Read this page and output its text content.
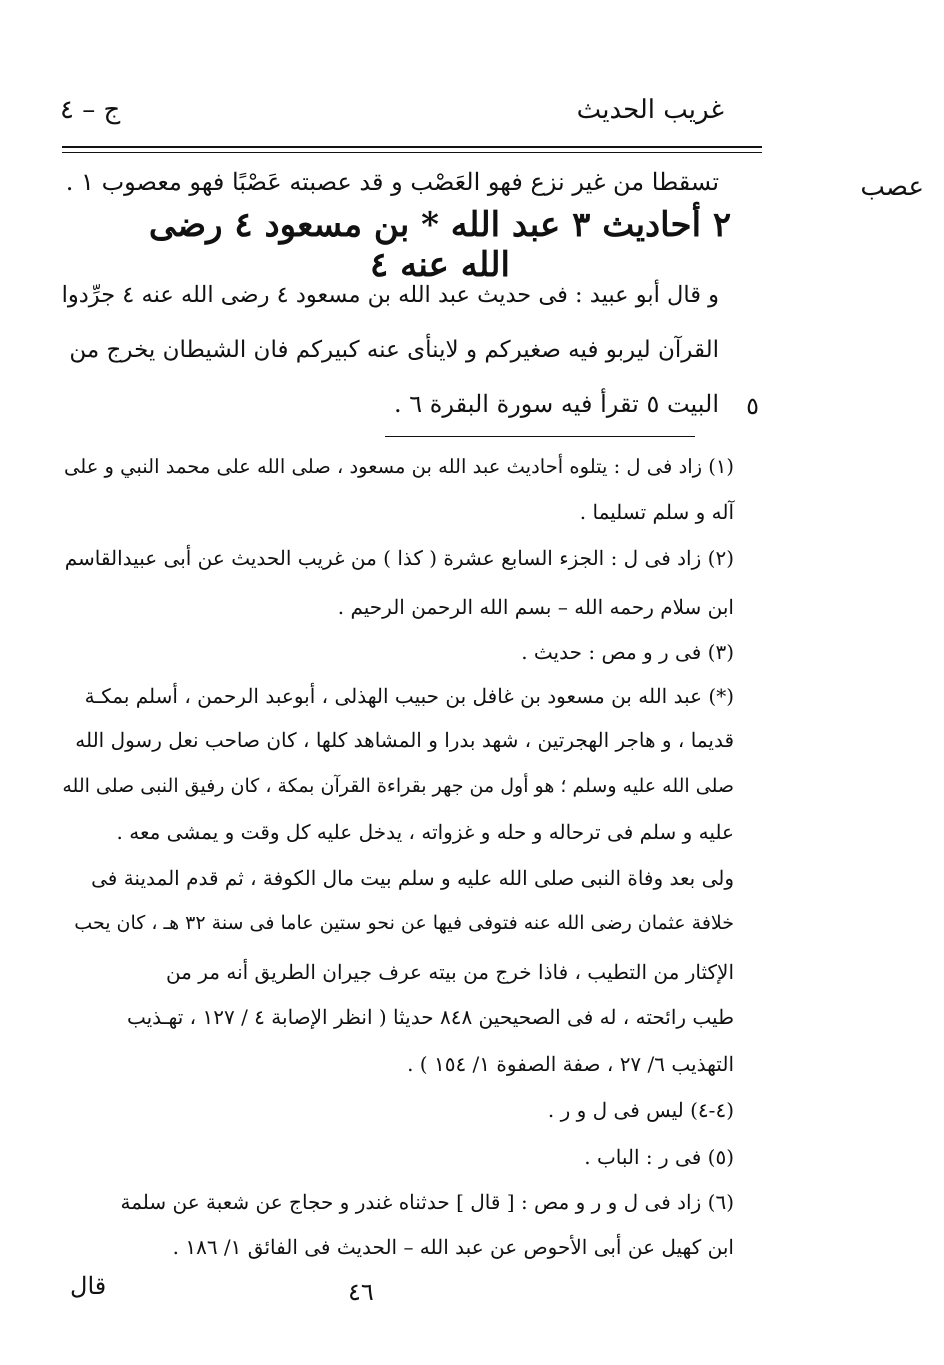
غريب الحديث
ج – ٤
عصب
٥
تسقطا من غير نزع فهو العَصْب و قد عصبته عَصْبًا فهو معصوب ١ .
٢ أحاديث ٣ عبد الله * بن مسعود ٤ رضى الله عنه ٤
و قال أبو عبيد : فى حديث عبد الله بن مسعود ٤ رضى الله عنه ٤ جرِّدوا
القرآن ليربو فيه صغيركم و لاينأى عنه كبيركم فان الشيطان يخرج من
البيت ٥ تقرأ فيه سورة البقرة ٦ .
(١) زاد فى ل : يتلوه أحاديث عبد الله بن مسعود ، صلى الله على محمد النبي و على
آله و سلم تسليما .
(٢) زاد فى ل : الجزء السابع عشرة ( كذا ) من غريب الحديث عن أبى عبيدالقاسم
ابن سلام رحمه الله – بسم الله الرحمن الرحيم .
(٣) فى ر و مص : حديث .
(*) عبد الله بن مسعود بن غافل بن حبيب الهذلى ، أبوعبد الرحمن ، أسلم بمكـة
قديما ، و هاجر الهجرتين ، شهد بدرا و المشاهد كلها ، كان صاحب نعل رسول الله
صلى الله عليه وسلم ؛ هو أول من جهر بقراءة القرآن بمكة ، كان رفيق النبى صلى الله
عليه و سلم فى ترحاله و حله و غزواته ، يدخل عليه كل وقت و يمشى معه .
ولى بعد وفاة النبى صلى الله عليه و سلم بيت مال الكوفة ، ثم قدم المدينة فى
خلافة عثمان رضى الله عنه فتوفى فيها عن نحو ستين عاما فى سنة ٣٢ هـ ، كان يحب
الإكثار من التطيب ، فاذا خرج من بيته عرف جيران الطريق أنه مر من
طيب رائحته ، له فى الصحيحين ٨٤٨ حديثا ( انظر الإصابة ٤ / ١٢٧ ، تهـذيب
التهذيب ٦/ ٢٧ ، صفة الصفوة ١/ ١٥٤ ) .
(٤-٤) ليس فى ل و ر .
(٥) فى ر : الباب .
(٦) زاد فى ل و ر و مص : [ قال ] حدثناه غندر و حجاج عن شعبة عن سلمة
ابن كهيل عن أبى الأحوص عن عبد الله – الحديث فى الفائق ١/ ١٨٦ .
قال	٤٦
